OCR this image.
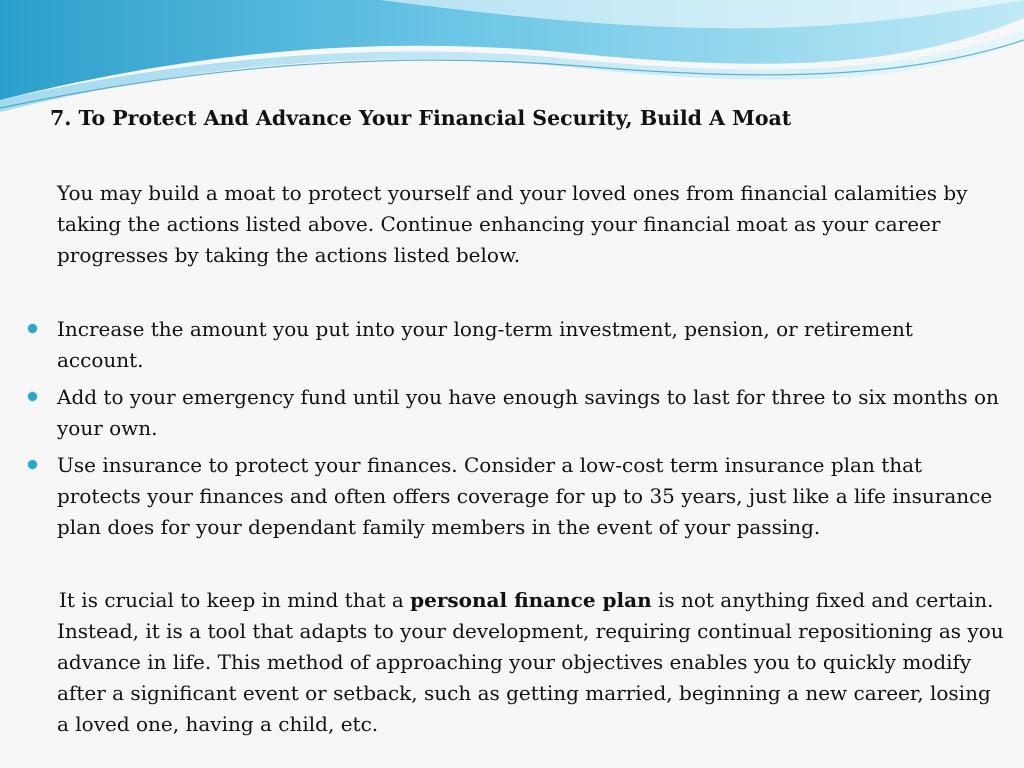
7. To Protect And Advance Your Financial Security, Build A Moat

You may build a moat to protect yourself and your loved ones from financial calamities by taking the actions listed above. Continue enhancing your financial moat as your career progresses by taking the actions listed below.

Increase the amount you put into your long-term investment, pension, or retirement account.
Add to your emergency fund until you have enough savings to last for three to six months on your own.
Use insurance to protect your finances. Consider a low-cost term insurance plan that protects your finances and often offers coverage for up to 35 years, just like a life insurance plan does for your dependant family members in the event of your passing.

It is crucial to keep in mind that a personal finance plan is not anything fixed and certain. Instead, it is a tool that adapts to your development, requiring continual repositioning as you advance in life. This method of approaching your objectives enables you to quickly modify after a significant event or setback, such as getting married, beginning a new career, losing a loved one, having a child, etc.
